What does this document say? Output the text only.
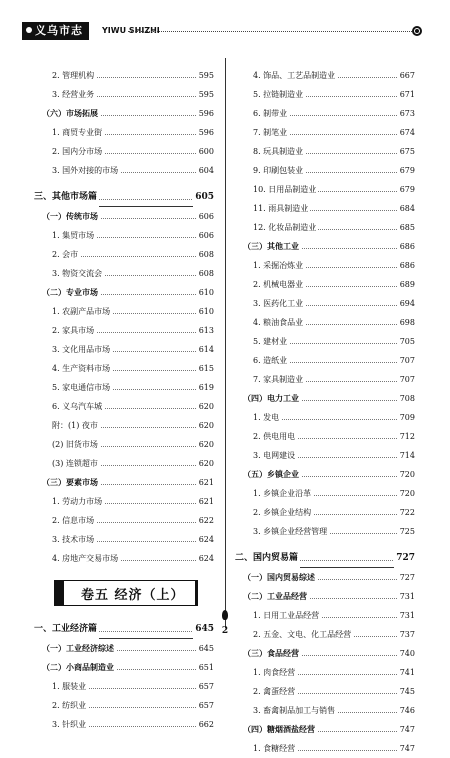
义乌市志	YIWU SHIZHI
2. 管理机构	595
3. 经营业务	595
（六）市场拓展	596
1. 商贸专业街	596
2. 国内分市场	600
3. 国外对接的市场	604
三、其他市场篇	605
（一）传统市场	606
1. 集贸市场	606
2. 会市	608
3. 物资交流会	608
（二）专业市场	610
1. 农副产品市场	610
2. 家具市场	613
3. 文化用品市场	614
4. 生产资料市场	615
5. 家电通信市场	619
6. 义乌汽车城	620
附：(1) 夜市	620
(2) 旧货市场	620
(3) 连锁超市	620
（三）要素市场	621
1. 劳动力市场	621
2. 信息市场	622
3. 技术市场	624
4. 房地产交易市场	624
卷五 经济（上）
一、工业经济篇	645
（一）工业经济综述	645
（二）小商品制造业	651
1. 服装业	657
2. 纺织业	657
3. 针织业	662
4. 饰品、工艺品制造业	667
5. 拉链制造业	671
6. 制带业	673
7. 制笔业	674
8. 玩具制造业	675
9. 印刷包装业	679
10. 日用品制造业	679
11. 雨具制造业	684
12. 化妆品制造业	685
（三）其他工业	686
1. 采掘冶炼业	686
2. 机械电器业	689
3. 医药化工业	694
4. 粮油食品业	698
5. 建材业	705
6. 造纸业	707
7. 家具制造业	707
（四）电力工业	708
1. 发电	709
2. 供电用电	712
3. 电网建设	714
（五）乡镇企业	720
1. 乡镇企业沿革	720
2. 乡镇企业结构	722
3. 乡镇企业经营管理	725
二、国内贸易篇	727
（一）国内贸易综述	727
（二）工业品经营	731
1. 日用工业品经营	731
2. 五金、文电、化工品经营	737
（三）食品经营	740
1. 肉食经营	741
2. 禽蛋经营	745
3. 畜禽制品加工与销售	746
（四）糖烟酒盐经营	747
1. 食糖经营	747
2
